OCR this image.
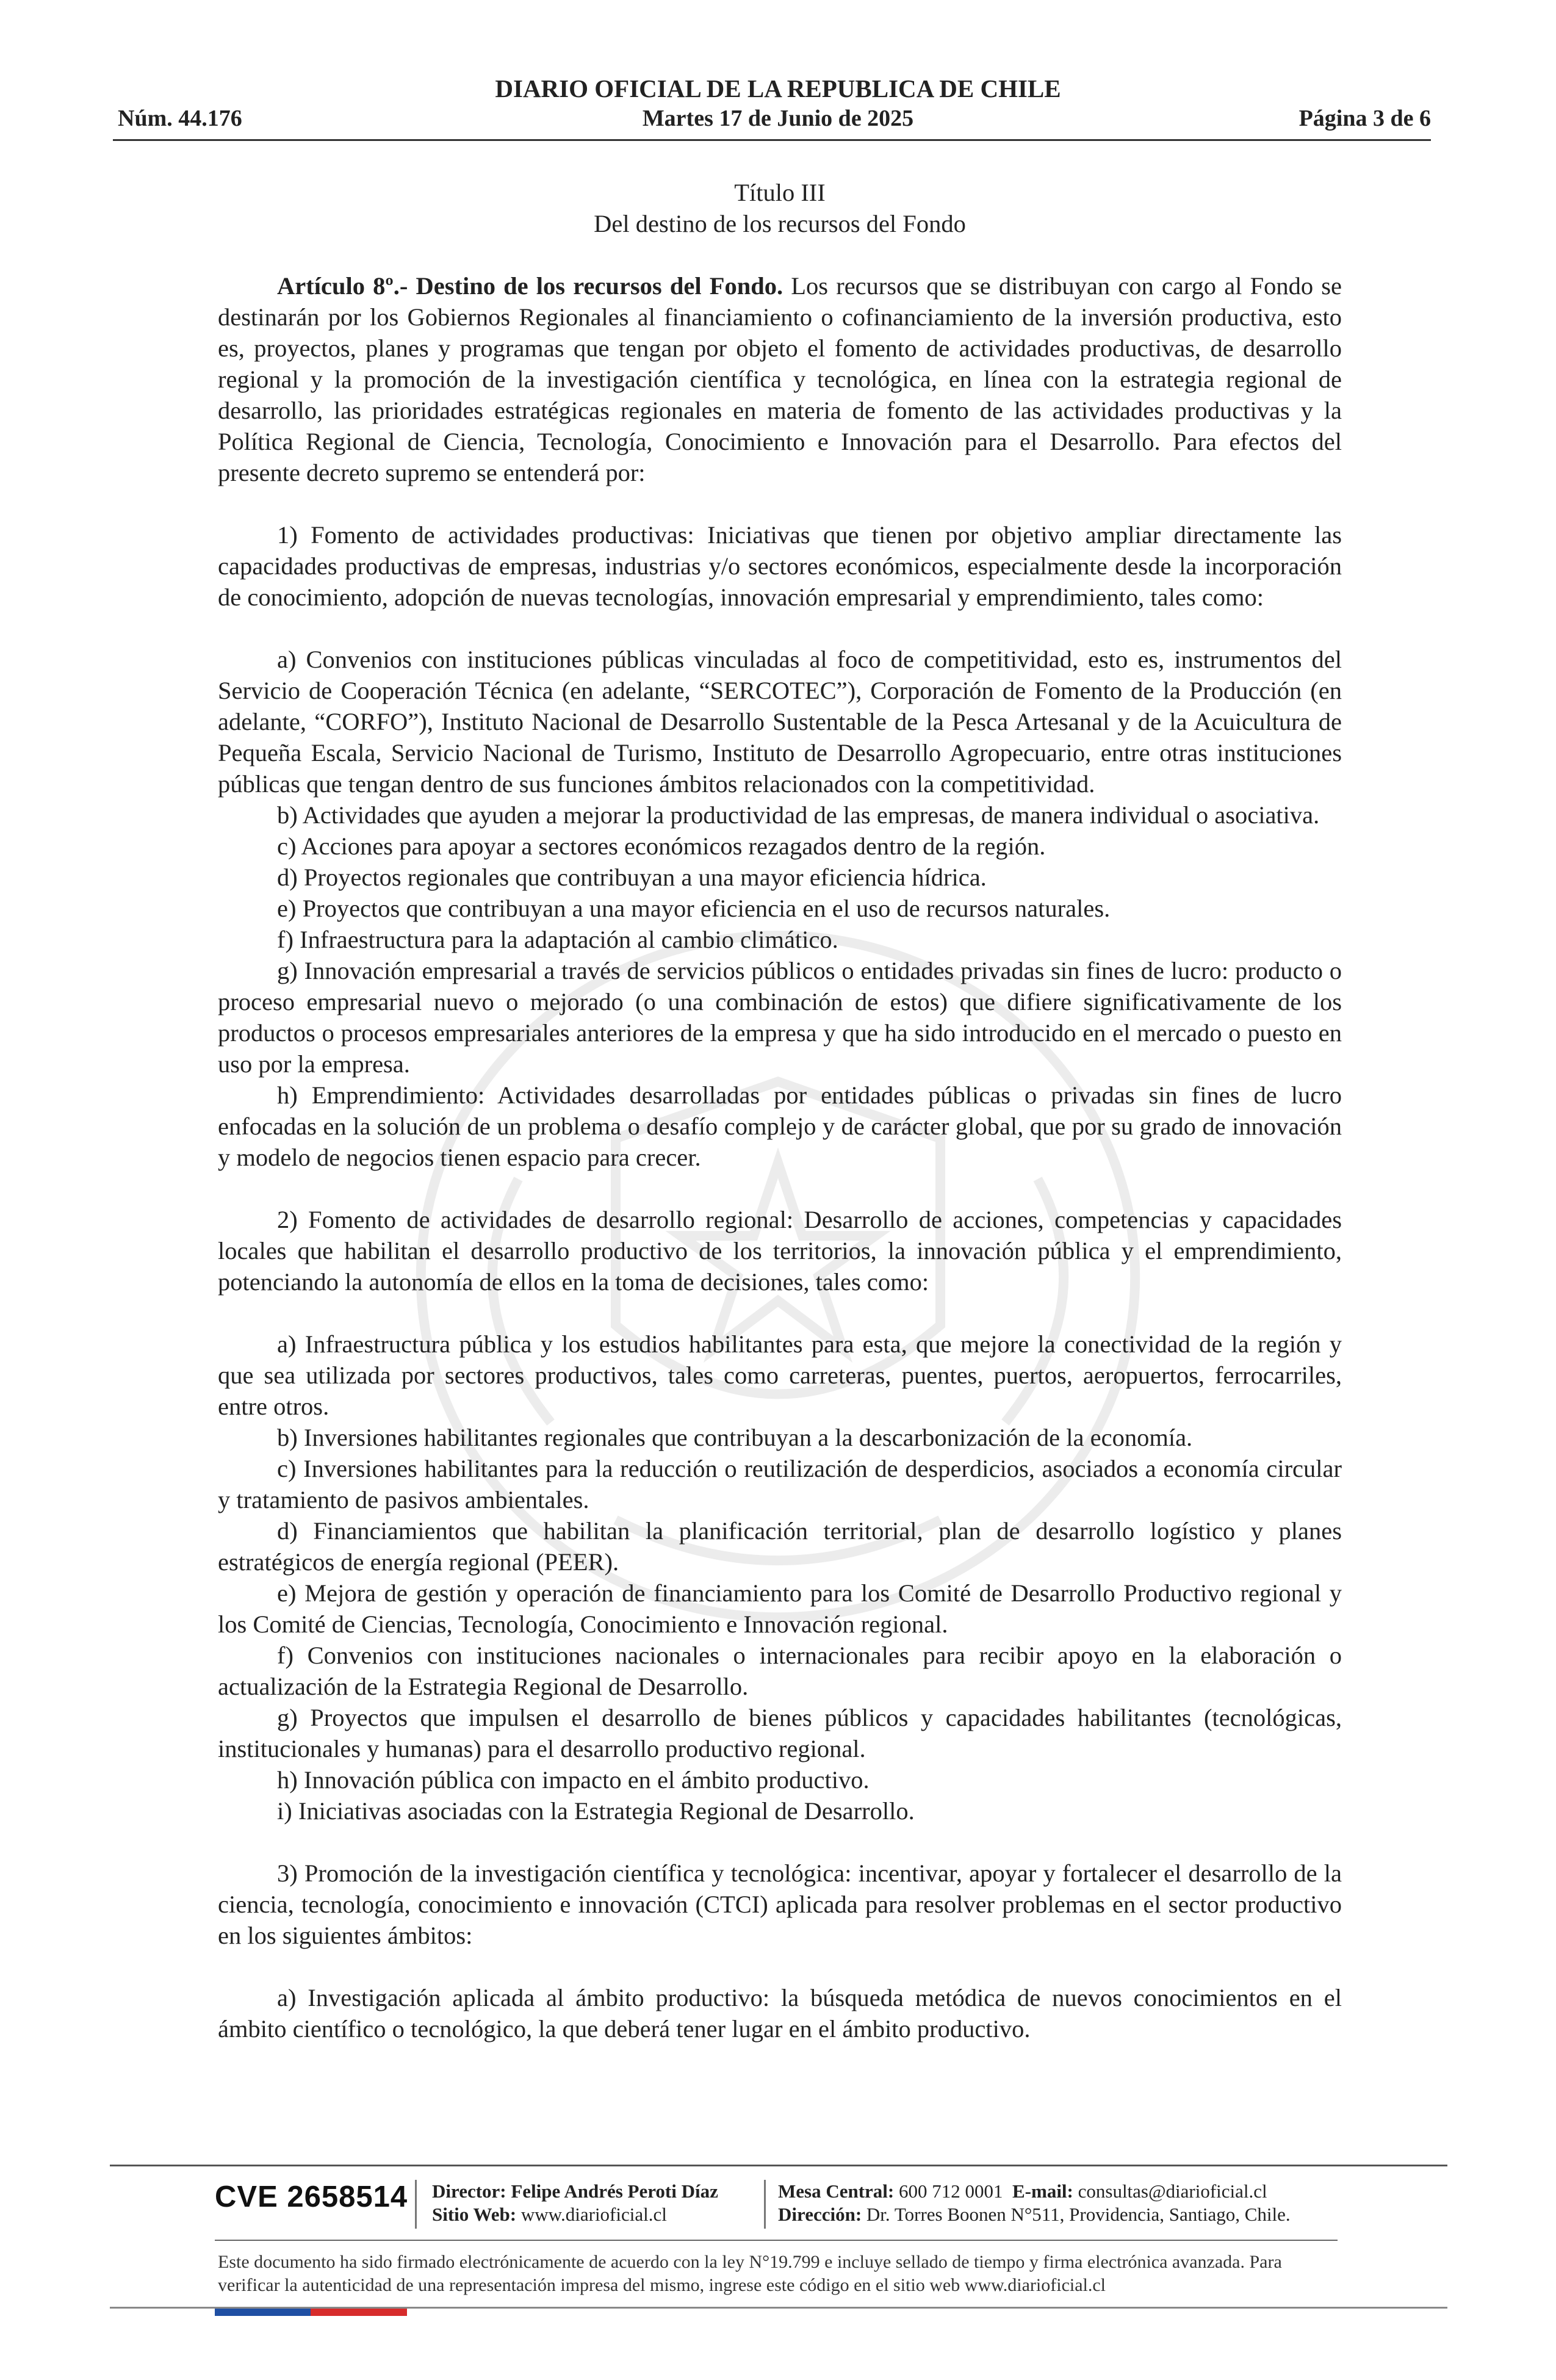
DIARIO OFICIAL DE LA REPUBLICA DE CHILE
Núm. 44.176	Martes 17 de Junio de 2025	Página 3 de 6

Título III

Del destino de los recursos del Fondo

Artículo 8º.- Destino de los recursos del Fondo. Los recursos que se distribuyan con cargo al Fondo se destinarán por los Gobiernos Regionales al financiamiento o cofinanciamiento de la inversión productiva, esto es, proyectos, planes y programas que tengan por objeto el fomento de actividades productivas, de desarrollo regional y la promoción de la investigación científica y tecnológica, en línea con la estrategia regional de desarrollo, las prioridades estratégicas regionales en materia de fomento de las actividades productivas y la Política Regional de Ciencia, Tecnología, Conocimiento e Innovación para el Desarrollo. Para efectos del presente decreto supremo se entenderá por:

1) Fomento de actividades productivas: Iniciativas que tienen por objetivo ampliar directamente las capacidades productivas de empresas, industrias y/o sectores económicos, especialmente desde la incorporación de conocimiento, adopción de nuevas tecnologías, innovación empresarial y emprendimiento, tales como:

a) Convenios con instituciones públicas vinculadas al foco de competitividad, esto es, instrumentos del Servicio de Cooperación Técnica (en adelante, “SERCOTEC”), Corporación de Fomento de la Producción (en adelante, “CORFO”), Instituto Nacional de Desarrollo Sustentable de la Pesca Artesanal y de la Acuicultura de Pequeña Escala, Servicio Nacional de Turismo, Instituto de Desarrollo Agropecuario, entre otras instituciones públicas que tengan dentro de sus funciones ámbitos relacionados con la competitividad.

b) Actividades que ayuden a mejorar la productividad de las empresas, de manera individual o asociativa.

c) Acciones para apoyar a sectores económicos rezagados dentro de la región.

d) Proyectos regionales que contribuyan a una mayor eficiencia hídrica.

e) Proyectos que contribuyan a una mayor eficiencia en el uso de recursos naturales.

f) Infraestructura para la adaptación al cambio climático.

g) Innovación empresarial a través de servicios públicos o entidades privadas sin fines de lucro: producto o proceso empresarial nuevo o mejorado (o una combinación de estos) que difiere significativamente de los productos o procesos empresariales anteriores de la empresa y que ha sido introducido en el mercado o puesto en uso por la empresa.

h) Emprendimiento: Actividades desarrolladas por entidades públicas o privadas sin fines de lucro enfocadas en la solución de un problema o desafío complejo y de carácter global, que por su grado de innovación y modelo de negocios tienen espacio para crecer.

2) Fomento de actividades de desarrollo regional: Desarrollo de acciones, competencias y capacidades locales que habilitan el desarrollo productivo de los territorios, la innovación pública y el emprendimiento, potenciando la autonomía de ellos en la toma de decisiones, tales como:

a) Infraestructura pública y los estudios habilitantes para esta, que mejore la conectividad de la región y que sea utilizada por sectores productivos, tales como carreteras, puentes, puertos, aeropuertos, ferrocarriles, entre otros.

b) Inversiones habilitantes regionales que contribuyan a la descarbonización de la economía.

c) Inversiones habilitantes para la reducción o reutilización de desperdicios, asociados a economía circular y tratamiento de pasivos ambientales.

d) Financiamientos que habilitan la planificación territorial, plan de desarrollo logístico y planes estratégicos de energía regional (PEER).

e) Mejora de gestión y operación de financiamiento para los Comité de Desarrollo Productivo regional y los Comité de Ciencias, Tecnología, Conocimiento e Innovación regional.

f) Convenios con instituciones nacionales o internacionales para recibir apoyo en la elaboración o actualización de la Estrategia Regional de Desarrollo.

g) Proyectos que impulsen el desarrollo de bienes públicos y capacidades habilitantes (tecnológicas, institucionales y humanas) para el desarrollo productivo regional.

h) Innovación pública con impacto en el ámbito productivo.

i) Iniciativas asociadas con la Estrategia Regional de Desarrollo.

3) Promoción de la investigación científica y tecnológica: incentivar, apoyar y fortalecer el desarrollo de la ciencia, tecnología, conocimiento e innovación (CTCI) aplicada para resolver problemas en el sector productivo en los siguientes ámbitos:

a) Investigación aplicada al ámbito productivo: la búsqueda metódica de nuevos conocimientos en el ámbito científico o tecnológico, la que deberá tener lugar en el ámbito productivo.

CVE 2658514 Director: Felipe Andrés Peroti Díaz
Sitio Web: www.diarioficial.cl
Mesa Central: 600 712 0001 E-mail: consultas@diarioficial.cl
Dirección: Dr. Torres Boonen N°511, Providencia, Santiago, Chile.
Este documento ha sido firmado electrónicamente de acuerdo con la ley N°19.799 e incluye sellado de tiempo y firma electrónica avanzada. Para verificar la autenticidad de una representación impresa del mismo, ingrese este código en el sitio web www.diarioficial.cl
